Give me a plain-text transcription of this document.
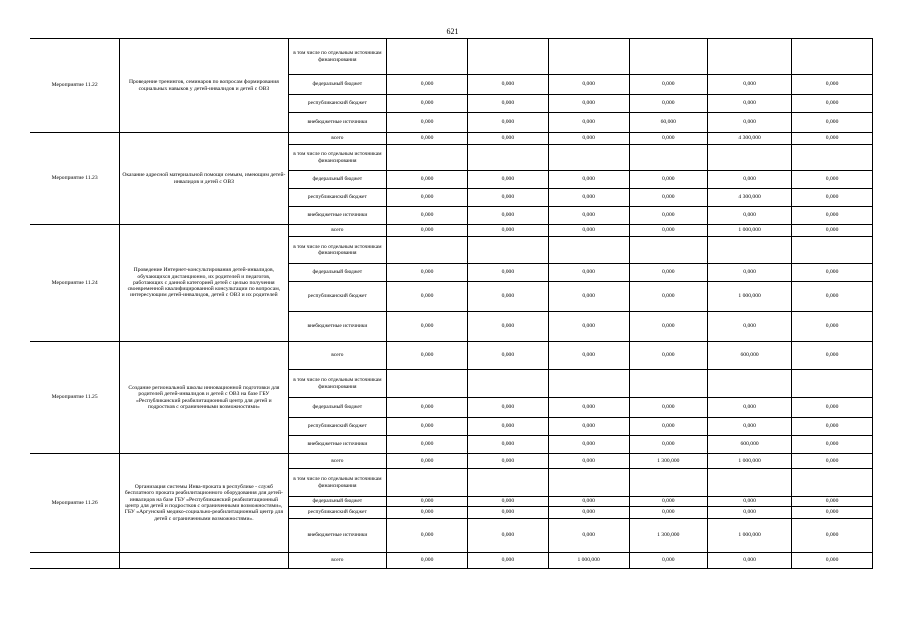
621
Мероприятие 11.22	Проведение тренингов, семинаров по вопросам формирования социальных навыков у детей-инвалидов и детей с ОВЗ	в том числе по отдельным источникам финансирования						
		федеральный бюджет	0,000	0,000	0,000	0,000	0,000	0,000
		республиканский бюджет	0,000	0,000	0,000	0,000	0,000	0,000
		внебюджетные источники	0,000	0,000	0,000	60,000	0,000	0,000
Мероприятие 11.23	Оказание адресной материальной помощи семьям, имеющим детей-инвалидов и детей с ОВЗ	всего	0,000	0,000	0,000	0,000	4 300,000	0,000
		в том числе по отдельным источникам финансирования						
		федеральный бюджет	0,000	0,000	0,000	0,000	0,000	0,000
		республиканский бюджет	0,000	0,000	0,000	0,000	4 300,000	0,000
		внебюджетные источники	0,000	0,000	0,000	0,000	0,000	0,000
Мероприятие 11.24	Проведение Интернет-консультирования детей-инвалидов, обучающихся дистанционно, их родителей и педагогов, работающих с данной категорией детей с целью получения своевременной квалифицированной консультации по вопросам, интересующим детей-инвалидов, детей с ОВЗ и их родителей	всего	0,000	0,000	0,000	0,000	1 000,000	0,000
		в том числе по отдельным источникам финансирования						
		федеральный бюджет	0,000	0,000	0,000	0,000	0,000	0,000
		республиканский бюджет	0,000	0,000	0,000	0,000	1 000,000	0,000
		внебюджетные источники	0,000	0,000	0,000	0,000	0,000	0,000
Мероприятие 11.25	Создание региональной школы инновационной подготовки для родителей детей-инвалидов и детей с ОВЗ на базе ГБУ «Республиканский реабилитационный центр для детей и подростков с ограниченными возможностями»	всего	0,000	0,000	0,000	0,000	600,000	0,000
		в том числе по отдельным источникам финансирования						
		федеральный бюджет	0,000	0,000	0,000	0,000	0,000	0,000
		республиканский бюджет	0,000	0,000	0,000	0,000	0,000	0,000
		внебюджетные источники	0,000	0,000	0,000	0,000	600,000	0,000
Мероприятие 11.26	Организация системы Инва-проката в республике - служб бесплатного проката реабилитационного оборудования для детей-инвалидов на базе ГБУ «Республиканский реабилитационный центр для детей и подростков с ограниченными возможностями», ГБУ «Аргунский медико-социально-реабилитационный центр для детей с ограниченными возможностями».	всего	0,000	0,000	0,000	1 300,000	1 000,000	0,000
		в том числе по отдельным источникам финансирования						
		федеральный бюджет	0,000	0,000	0,000	0,000	0,000	0,000
		республиканский бюджет	0,000	0,000	0,000	0,000	0,000	0,000
		внебюджетные источники	0,000	0,000	0,000	1 300,000	1 000,000	0,000
		всего	0,000	0,000	1 000,000	0,000	0,000	0,000
